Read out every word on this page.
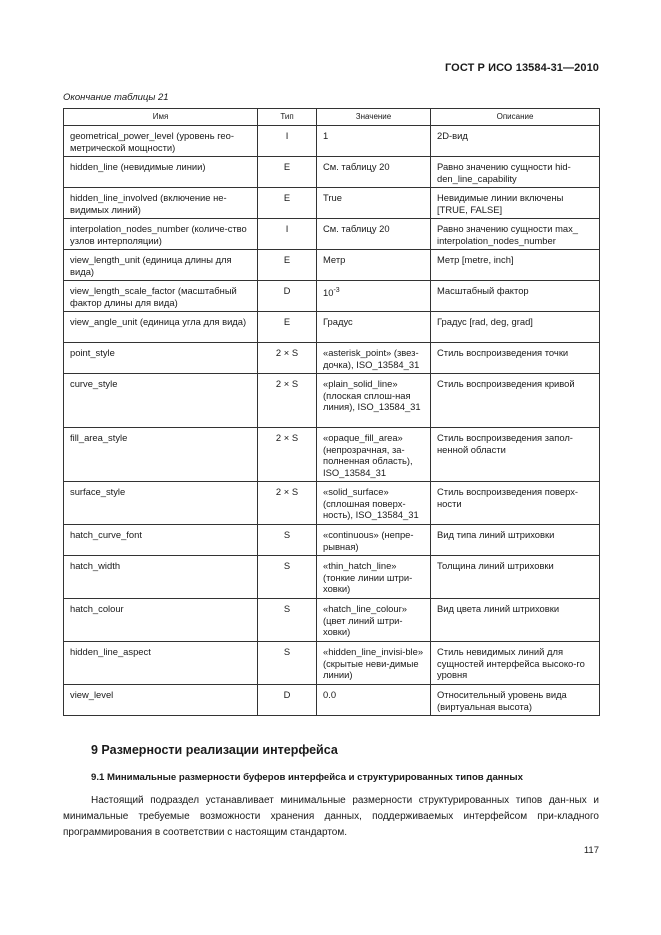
ГОСТ Р ИСО 13584-31—2010
Окончание таблицы 21
Имя	Тип	Значение	Описание
geometrical_power_level (уровень гео-метрической мощности)	I	1	2D-вид
hidden_line (невидимые линии)	E	См. таблицу 20	Равно значению сущности hid-den_line_capability
hidden_line_involved (включение не-видимых линий)	E	True	Невидимые линии включены [TRUE, FALSE]
interpolation_nodes_number (количе-ство узлов интерполяции)	I	См. таблицу 20	Равно значению сущности max_ interpolation_nodes_number
view_length_unit (единица длины для вида)	E	Метр	Метр [metre, inch]
view_length_scale_factor (масштабный фактор длины для вида)	D	$10^{-3}$	Масштабный фактор
view_angle_unit (единица угла для вида)	E	Градус	Градус [rad, deg, grad]
point_style	2 × S	«asterisk_point» (звез-дочка), ISO_13584_31	Стиль воспроизведения точки
curve_style	2 × S	«plain_solid_line» (плоская сплош-ная линия), ISO_13584_31	Стиль воспроизведения кривой
fill_area_style	2 × S	«opaque_fill_area» (непрозрачная, за-полненная область), ISO_13584_31	Стиль воспроизведения запол-ненной области
surface_style	2 × S	«solid_surface» (сплошная поверх-ность), ISO_13584_31	Стиль воспроизведения поверх-ности
hatch_curve_font	S	«continuous» (непре-рывная)	Вид типа линий штриховки
hatch_width	S	«thin_hatch_line» (тонкие линии штри-ховки)	Толщина линий штриховки
hatch_colour	S	«hatch_line_colour» (цвет линий штри-ховки)	Вид цвета линий штриховки
hidden_line_aspect	S	«hidden_line_invisi-ble» (скрытые неви-димые линии)	Стиль невидимых линий для сущностей интерфейса высоко-го уровня
view_level	D	0.0	Относительный уровень вида (виртуальная высота)
9 Размерности реализации интерфейса
9.1 Минимальные размерности буферов интерфейса и структурированных типов данных
Настоящий подраздел устанавливает минимальные размерности структурированных типов дан-ных и минимальные требуемые возможности хранения данных, поддерживаемых интерфейсом при-кладного программирования в соответствии с настоящим стандартом.
117
